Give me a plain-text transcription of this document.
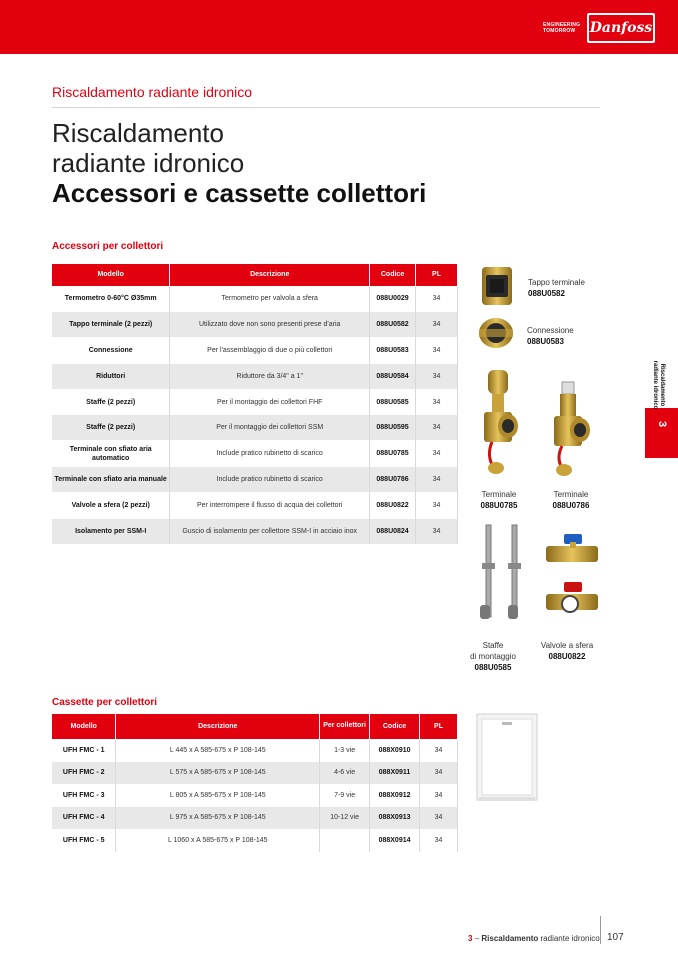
ENGINEERING
TOMORROW	Danfoss
Riscaldamento radiante idronico
Riscaldamento
radiante idronico
Accessori e cassette collettori
Accessori per collettori
Modello	Descrizione	Codice	PL
Termometro 0-60°C Ø35mm	Termometro per valvola a sfera	088U0029	34
Tappo terminale (2 pezzi)	Utilizzato dove non sono presenti prese d'aria	088U0582	34
Connessione	Per l'assemblaggio di due o più collettori	088U0583	34
Riduttori	Riduttore da 3/4" a 1"	088U0584	34
Staffe (2 pezzi)	Per il montaggio dei collettori FHF	088U0585	34
Staffe (2 pezzi)	Per il montaggio dei collettori SSM	088U0595	34
Terminale con sfiato aria automatico	Include pratico rubinetto di scarico	088U0785	34
Terminale con sfiato aria manuale	Include pratico rubinetto di scarico	088U0786	34
Valvole a sfera (2 pezzi)	Per interrompere il flusso di acqua dei collettori	088U0822	34
Isolamento per SSM-I	Guscio di isolamento per collettore SSM-I in acciaio inox	088U0824	34
Tappo terminale
088U0582
Connessione
088U0583
Terminale
088U0785
Terminale
088U0786
Staffe
di montaggio
088U0585
Valvole a sfera
088U0822
Cassette per collettori
Modello	Descrizione	Per collettori	Codice	PL
UFH FMC - 1	L 445 x A 585-675 x P 108-145	1-3 vie	088X0910	34
UFH FMC - 2	L 575 x A 585-675 x P 108-145	4-6 vie	088X0911	34
UFH FMC - 3	L 805 x A 585-675 x P 108-145	7-9 vie	088X0912	34
UFH FMC - 4	L 975 x A 585-675 x P 108-145	10-12 vie	088X0913	34
UFH FMC - 5	L 1060 x A 585-675 x P 108-145		088X0914	34
3
Riscaldamento
radiante idronico
3 – Riscaldamento radiante idronico 107
